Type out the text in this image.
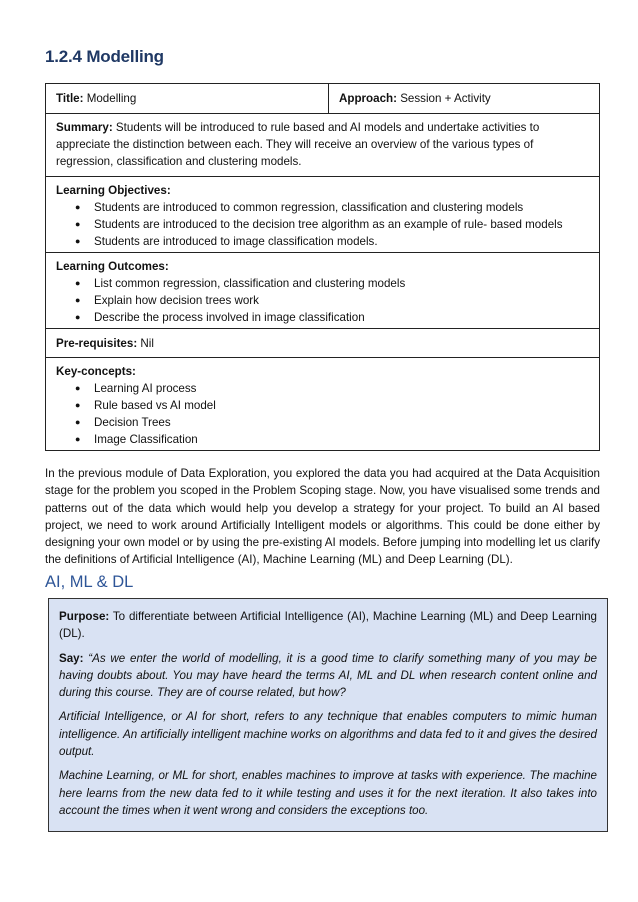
1.2.4 Modelling
Title: Modelling	Approach: Session + Activity
Summary: Students will be introduced to rule based and AI models and undertake activities to appreciate the distinction between each. They will receive an overview of the various types of regression, classification and clustering models.

Learning Objectives:
● Students are introduced to common regression, classification and clustering models
● Students are introduced to the decision tree algorithm as an example of rule- based models
● Students are introduced to image classification models.

Learning Outcomes:
● List common regression, classification and clustering models
● Explain how decision trees work
● Describe the process involved in image classification

Pre-requisites: Nil

Key-concepts:
● Learning AI process
● Rule based vs AI model
● Decision Trees
● Image Classification

In the previous module of Data Exploration, you explored the data you had acquired at the Data Acquisition stage for the problem you scoped in the Problem Scoping stage. Now, you have visualised some trends and patterns out of the data which would help you develop a strategy for your project. To build an AI based project, we need to work around Artificially Intelligent models or algorithms. This could be done either by designing your own model or by using the pre-existing AI models. Before jumping into modelling let us clarify the definitions of Artificial Intelligence (AI), Machine Learning (ML) and Deep Learning (DL).

AI, ML & DL

Purpose: To differentiate between Artificial Intelligence (AI), Machine Learning (ML) and Deep Learning (DL).

Say: “As we enter the world of modelling, it is a good time to clarify something many of you may be having doubts about. You may have heard the terms AI, ML and DL when research content online and during this course. They are of course related, but how?

Artificial Intelligence, or AI for short, refers to any technique that enables computers to mimic human intelligence. An artificially intelligent machine works on algorithms and data fed to it and gives the desired output.

Machine Learning, or ML for short, enables machines to improve at tasks with experience. The machine here learns from the new data fed to it while testing and uses it for the next iteration. It also takes into account the times when it went wrong and considers the exceptions too.
